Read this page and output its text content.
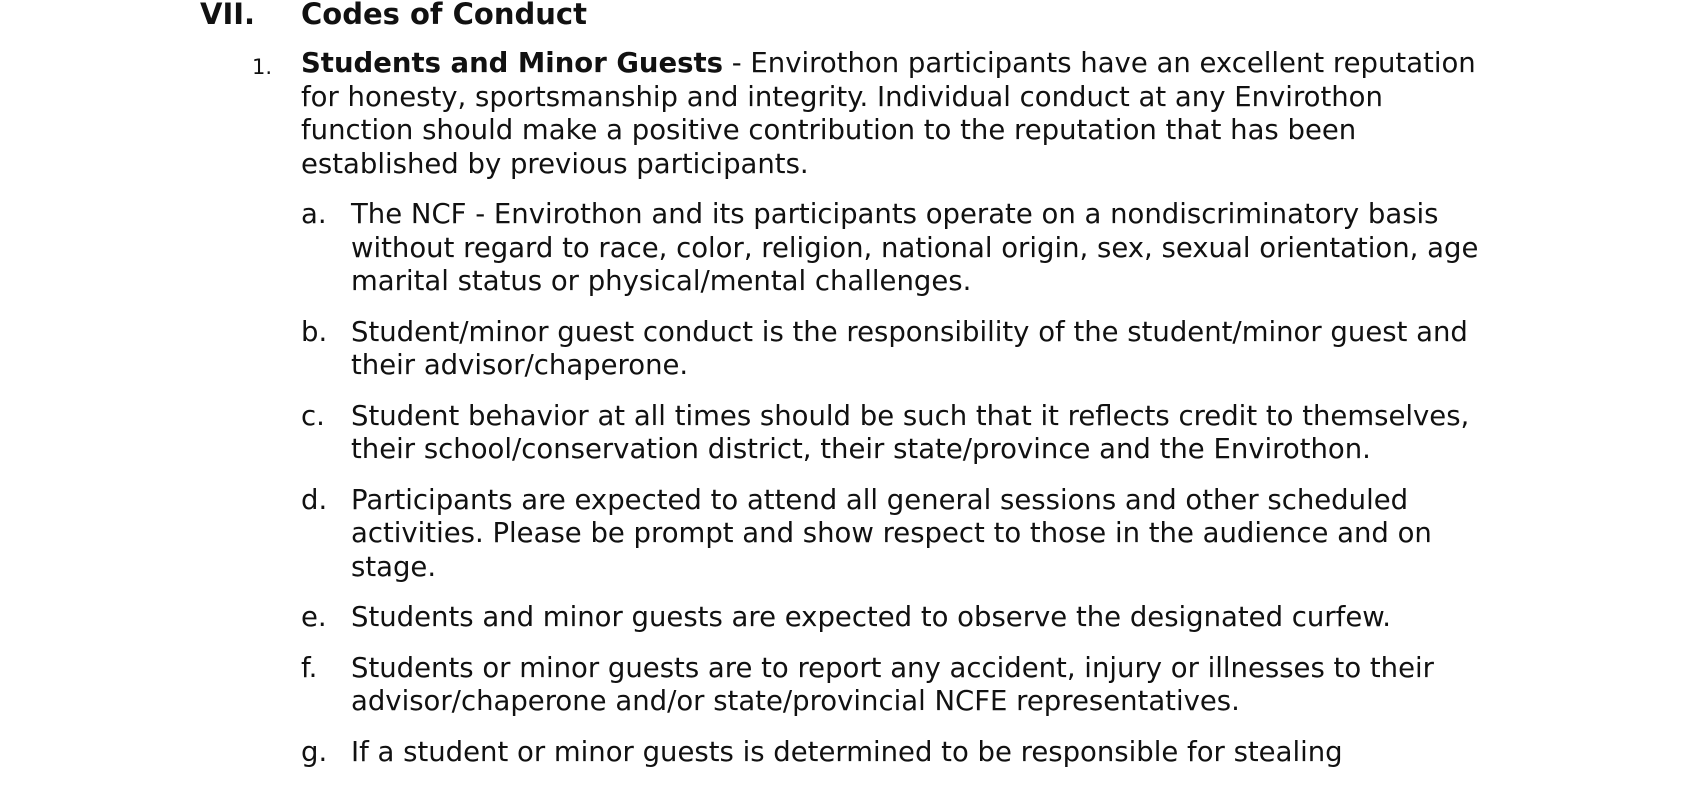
VII. Codes of Conduct
1. Students and Minor Guests - Envirothon participants have an excellent reputation for honesty, sportsmanship and integrity. Individual conduct at any Envirothon function should make a positive contribution to the reputation that has been established by previous participants.
a. The NCF - Envirothon and its participants operate on a nondiscriminatory basis without regard to race, color, religion, national origin, sex, sexual orientation, age marital status or physical/mental challenges.
b. Student/minor guest conduct is the responsibility of the student/minor guest and their advisor/chaperone.
c. Student behavior at all times should be such that it reflects credit to themselves, their school/conservation district, their state/province and the Envirothon.
d. Participants are expected to attend all general sessions and other scheduled activities. Please be prompt and show respect to those in the audience and on stage.
e. Students and minor guests are expected to observe the designated curfew.
f. Students or minor guests are to report any accident, injury or illnesses to their advisor/chaperone and/or state/provincial NCFE representatives.
g. If a student or minor guests is determined to be responsible for stealing
